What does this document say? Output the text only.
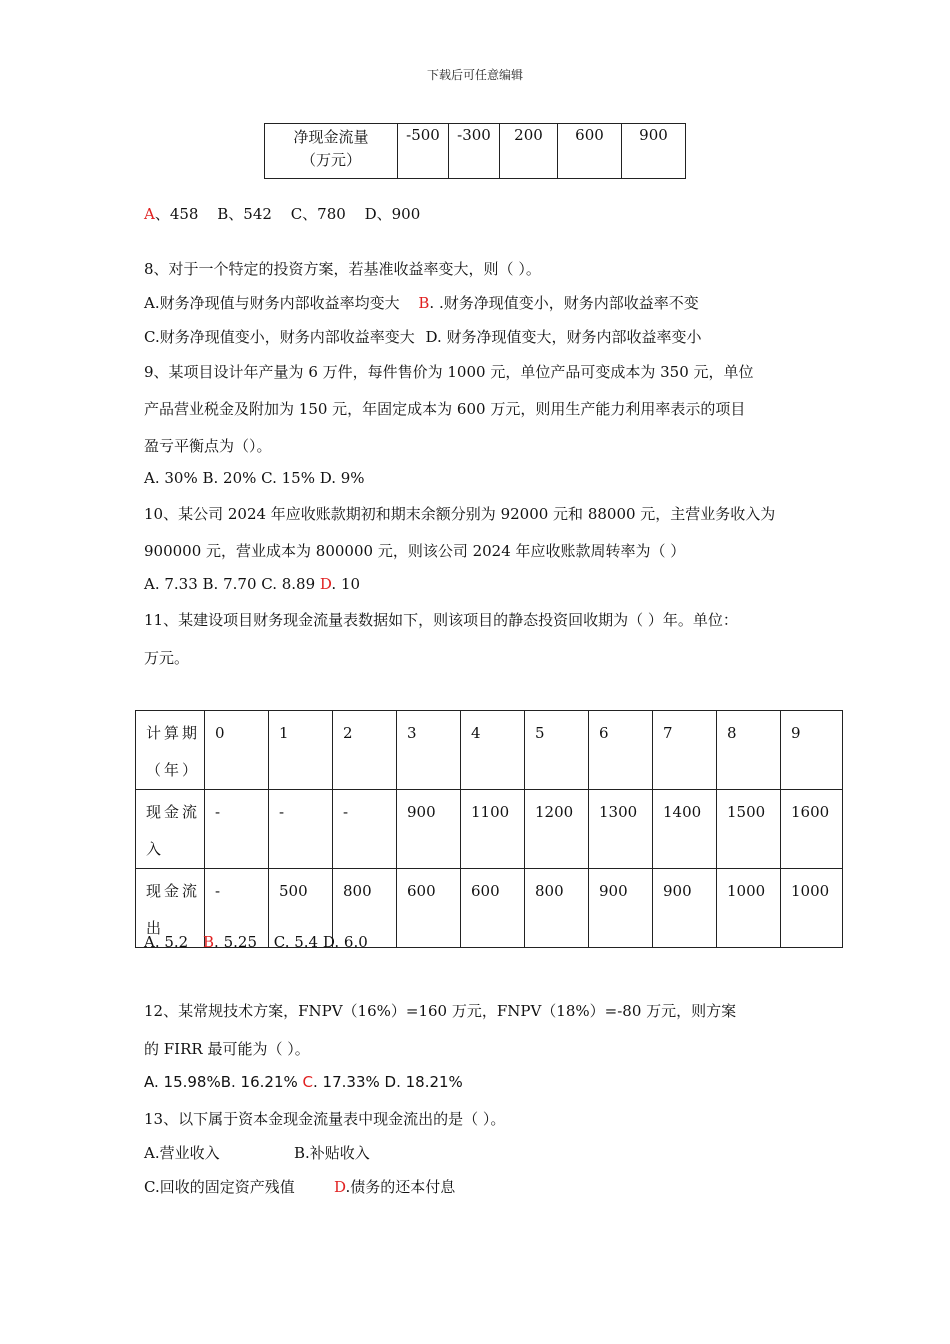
下载后可任意编辑
净现金流量
（万元）
	-500	-300	200	600	900
A、458 B、542 C、780 D、900
8、对于一个特定的投资方案，若基准收益率变大，则（ ）。
A.财务净现值与财务内部收益率均变大 B. .财务净现值变小，财务内部收益率不变
C.财务净现值变小，财务内部收益率变大 D. 财务净现值变大，财务内部收益率变小
9、某项目设计年产量为 6 万件，每件售价为 1000 元，单位产品可变成本为 350 元，单位
产品营业税金及附加为 150 元，年固定成本为 600 万元，则用生产能力利用率表示的项目
盈亏平衡点为（）。
A. 30% B. 20% C. 15% D. 9%
10、某公司 2024 年应收账款期初和期末余额分别为 92000 元和 88000 元，主营业务收入为
900000 元，营业成本为 800000 元，则该公司 2024 年应收账款周转率为（ ）
A. 7.33 B. 7.70 C. 8.89 D. 10
11、某建设项目财务现金流量表数据如下，则该项目的静态投资回收期为（ ）年。单位：
万元。
计算期
（年）	0	1	2	3	4	5	6	7	8	9

现金流
入	-	-	-	900	1100	1200	1300	1400	1500	1600

现金流
出	-	500	800	600	600	800	900	900	1000	1000
A. 5.2 B. 5.25 C. 5.4 D. 6.0
12、某常规技术方案，FNPV（16%）=160 万元，FNPV（18%）=-80 万元，则方案
的 FIRR 最可能为（ ）。
A. 15.98%B. 16.21% C. 17.33% D. 18.21%
13、以下属于资本金现金流量表中现金流出的是（ ）。
A.营业收入	B.补贴收入
C.回收的固定资产残值	D.债务的还本付息
